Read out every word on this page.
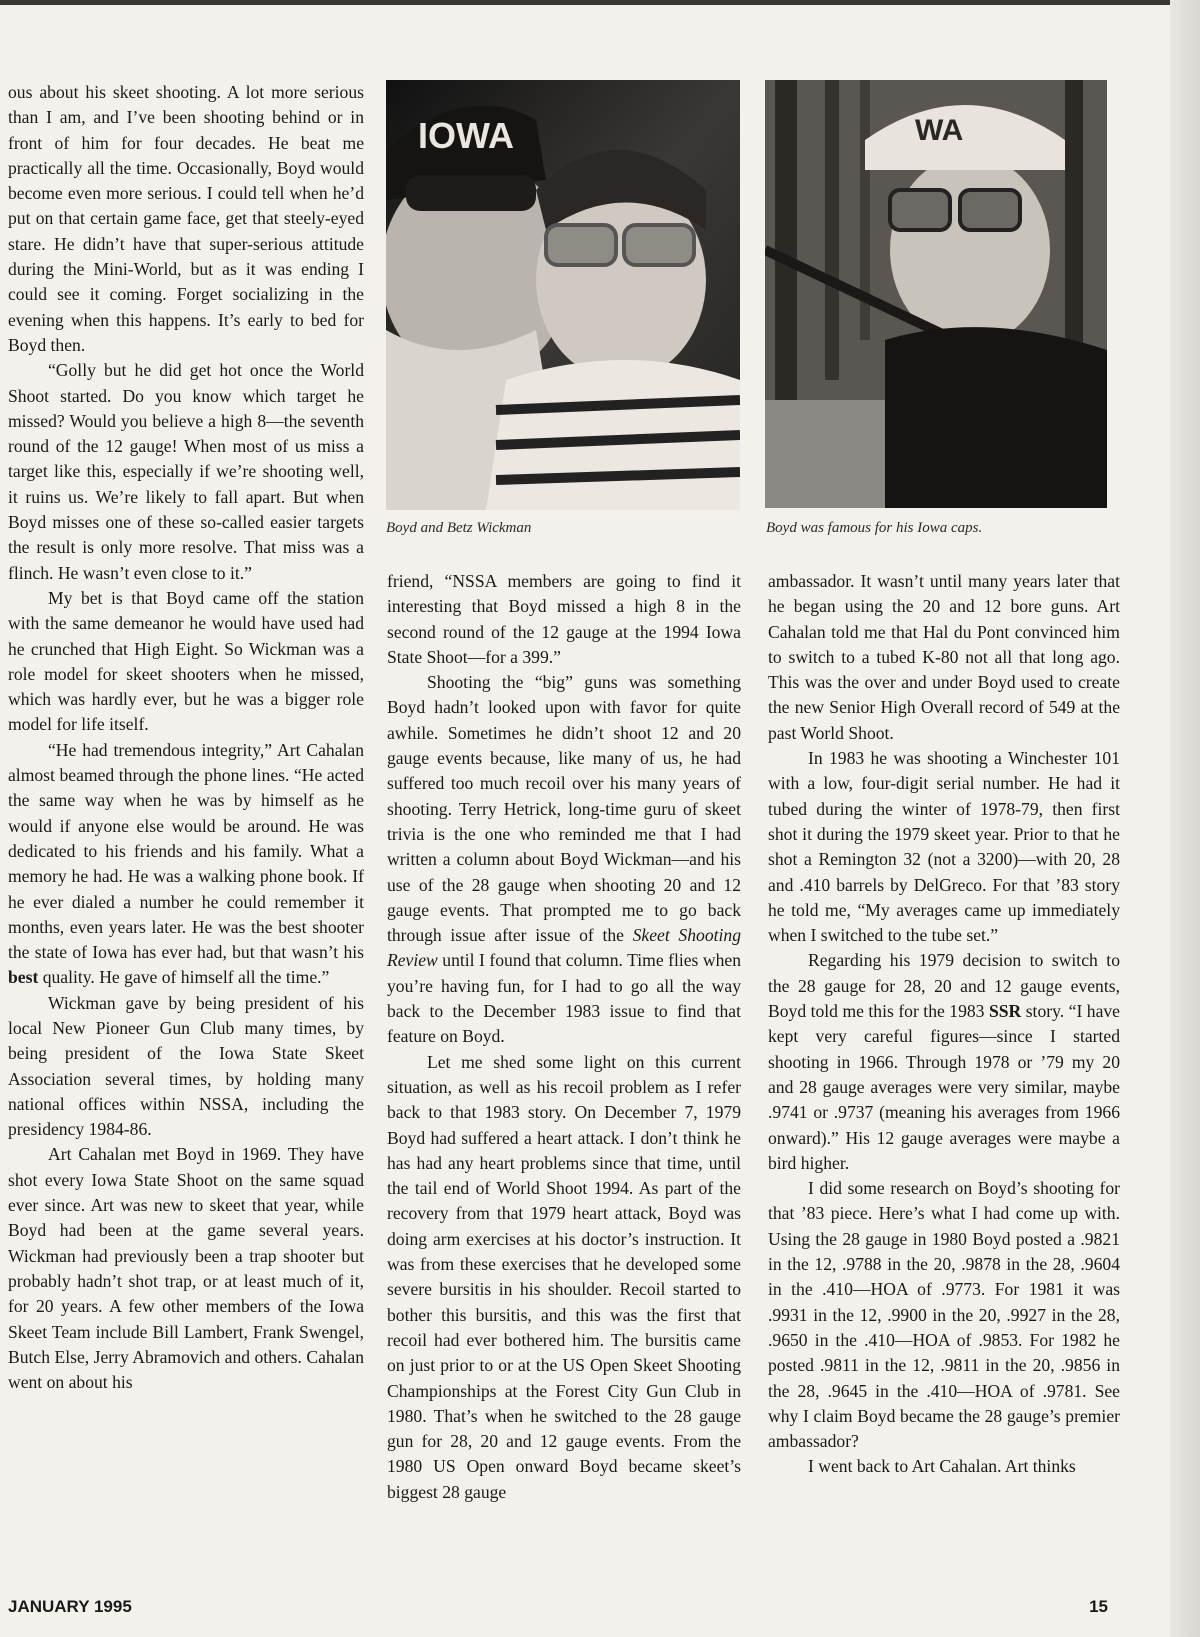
ous about his skeet shooting. A lot more serious than I am, and I’ve been shooting behind or in front of him for four decades. He beat me practically all the time. Occasionally, Boyd would become even more serious. I could tell when he’d put on that certain game face, get that steely-eyed stare. He didn’t have that super-serious attitude during the Mini-World, but as it was ending I could see it coming. Forget socializing in the evening when this happens. It’s early to bed for Boyd then.

“Golly but he did get hot once the World Shoot started. Do you know which target he missed? Would you believe a high 8—the seventh round of the 12 gauge! When most of us miss a target like this, especially if we’re shooting well, it ruins us. We’re likely to fall apart. But when Boyd misses one of these so-called easier targets the result is only more resolve. That miss was a flinch. He wasn’t even close to it.”

My bet is that Boyd came off the station with the same demeanor he would have used had he crunched that High Eight. So Wickman was a role model for skeet shooters when he missed, which was hardly ever, but he was a bigger role model for life itself.

“He had tremendous integrity,” Art Cahalan almost beamed through the phone lines. “He acted the same way when he was by himself as he would if anyone else would be around. He was dedicated to his friends and his family. What a memory he had. He was a walking phone book. If he ever dialed a number he could remember it months, even years later. He was the best shooter the state of Iowa has ever had, but that wasn’t his best quality. He gave of himself all the time.”

Wickman gave by being president of his local New Pioneer Gun Club many times, by being president of the Iowa State Skeet Association several times, by holding many national offices within NSSA, including the presidency 1984-86.

Art Cahalan met Boyd in 1969. They have shot every Iowa State Shoot on the same squad ever since. Art was new to skeet that year, while Boyd had been at the game several years. Wickman had previously been a trap shooter but probably hadn’t shot trap, or at least much of it, for 20 years. A few other members of the Iowa Skeet Team include Bill Lambert, Frank Swengel, Butch Else, Jerry Abramovich and others. Cahalan went on about his

IOWA
Boyd and Betz Wickman
WA
Boyd was famous for his Iowa caps.

friend, “NSSA members are going to find it interesting that Boyd missed a high 8 in the second round of the 12 gauge at the 1994 Iowa State Shoot—for a 399.”

Shooting the “big” guns was something Boyd hadn’t looked upon with favor for quite awhile. Sometimes he didn’t shoot 12 and 20 gauge events because, like many of us, he had suffered too much recoil over his many years of shooting. Terry Hetrick, long-time guru of skeet trivia is the one who reminded me that I had written a column about Boyd Wickman—and his use of the 28 gauge when shooting 20 and 12 gauge events. That prompted me to go back through issue after issue of the Skeet Shooting Review until I found that column. Time flies when you’re having fun, for I had to go all the way back to the December 1983 issue to find that feature on Boyd.

Let me shed some light on this current situation, as well as his recoil problem as I refer back to that 1983 story. On December 7, 1979 Boyd had suffered a heart attack. I don’t think he has had any heart problems since that time, until the tail end of World Shoot 1994. As part of the recovery from that 1979 heart attack, Boyd was doing arm exercises at his doctor’s instruction. It was from these exercises that he developed some severe bursitis in his shoulder. Recoil started to bother this bursitis, and this was the first that recoil had ever bothered him. The bursitis came on just prior to or at the US Open Skeet Shooting Championships at the Forest City Gun Club in 1980. That’s when he switched to the 28 gauge gun for 28, 20 and 12 gauge events. From the 1980 US Open onward Boyd became skeet’s biggest 28 gauge

ambassador. It wasn’t until many years later that he began using the 20 and 12 bore guns. Art Cahalan told me that Hal du Pont convinced him to switch to a tubed K-80 not all that long ago. This was the over and under Boyd used to create the new Senior High Overall record of 549 at the past World Shoot.

In 1983 he was shooting a Winchester 101 with a low, four-digit serial number. He had it tubed during the winter of 1978-79, then first shot it during the 1979 skeet year. Prior to that he shot a Remington 32 (not a 3200)—with 20, 28 and .410 barrels by DelGreco. For that ’83 story he told me, “My averages came up immediately when I switched to the tube set.”

Regarding his 1979 decision to switch to the 28 gauge for 28, 20 and 12 gauge events, Boyd told me this for the 1983 SSR story. “I have kept very careful figures—since I started shooting in 1966. Through 1978 or ’79 my 20 and 28 gauge averages were very similar, maybe .9741 or .9737 (meaning his averages from 1966 onward).” His 12 gauge averages were maybe a bird higher.

I did some research on Boyd’s shooting for that ’83 piece. Here’s what I had come up with. Using the 28 gauge in 1980 Boyd posted a .9821 in the 12, .9788 in the 20, .9878 in the 28, .9604 in the .410—HOA of .9773. For 1981 it was .9931 in the 12, .9900 in the 20, .9927 in the 28, .9650 in the .410—HOA of .9853. For 1982 he posted .9811 in the 12, .9811 in the 20, .9856 in the 28, .9645 in the .410—HOA of .9781. See why I claim Boyd became the 28 gauge’s premier ambassador?

I went back to Art Cahalan. Art thinks

JANUARY 1995	15
